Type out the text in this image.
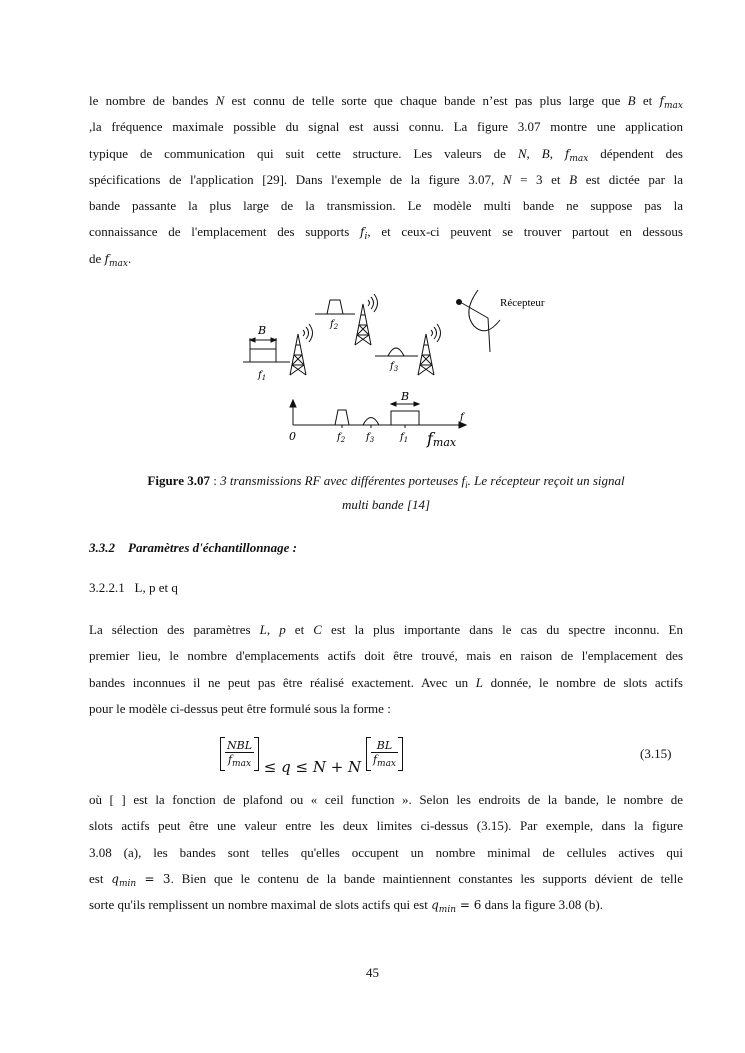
le nombre de bandes N est connu de telle sorte que chaque bande n’est pas plus large que B et $f_{max}$
,la fréquence maximale possible du signal est aussi connu. La figure 3.07 montre une application
typique de communication qui suit cette structure. Les valeurs de N, B, $f_{max}$ dépendent des
spécifications de l'application [29]. Dans l'exemple de la figure 3.07, N = 3 et B est dictée par la
bande passante la plus large de la transmission. Le modèle multi bande ne suppose pas la
connaissance de l'emplacement des supports $f_i$, et ceux-ci peuvent se trouver partout en dessous
de $f_{max}$.
B
$f_1$
$f_2$
$f_3$
Récepteur
B
0
f
$f_2$ $f_3$	$f_1$ fmax
Figure 3.07 : 3 transmissions RF avec différentes porteuses $f_i$. Le récepteur reçoit un signal
multi bande [14]
3.3.2    Paramètres d'échantillonnage :
3.2.2.1   L, p et q
La sélection des paramètres L, p et C est la plus importante dans le cas du spectre inconnu. En
premier lieu, le nombre d'emplacements actifs doit être trouvé, mais en raison de l'emplacement des
bandes inconnues il ne peut pas être réalisé exactement. Avec un L donnée, le nombre de slots actifs
pour le modèle ci-dessus peut être formulé sous la forme :
$\frac{\text{NBL}}{f_{max}} \le q \le N + N \frac{BL}{f_{max}}$	(3.15)
où [ ] est la fonction de plafond ou « ceil function ». Selon les endroits de la bande, le nombre de
slots actifs peut être une valeur entre les deux limites ci-dessus (3.15). Par exemple, dans la figure
3.08 (a), les bandes sont telles qu'elles occupent un nombre minimal de cellules actives qui
est $q_{min} = 3$. Bien que le contenu de la bande maintiennent constantes les supports dévient de telle
sorte qu'ils remplissent un nombre maximal de slots actifs qui est $q_{min} = 6$ dans la figure 3.08 (b).
45
